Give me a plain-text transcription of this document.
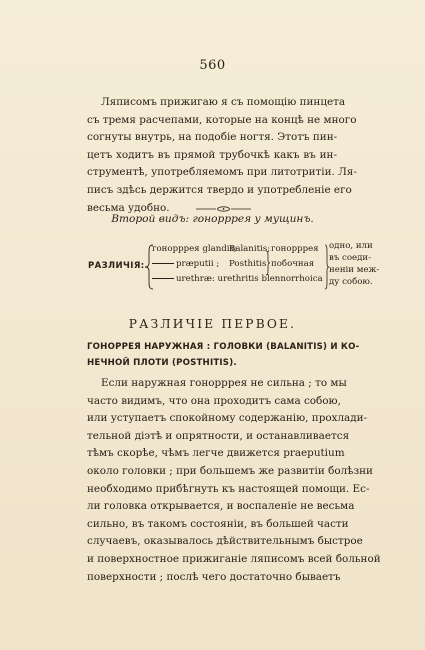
560
Ляписомъ прижигаю я съ помощію пинцета
съ тремя расчепами, которые на концѣ не много
согнуты внутрь, на подобіе ногтя. Этотъ пин-
цетъ ходитъ въ прямой трубочкѣ какъ въ ин-
струментѣ, употребляемомъ при литотритіи. Ля-
писъ здѣсь держится твердо и употребленіе его
весьма удобно.
Второй видъ: гонорррея у мущинъ.
РАЗЛИЧІЯ:
гонорррея glandis;
præputii ;
urethræ: urethritis blennorrhoica
Balanitis;
Posthitis
гонорррея
побочная
одно, или
въ соеди-
неніи меж-
ду собою.
РАЗЛИЧІЕ ПЕРВОЕ.
ГОНОРРЕЯ НАРУЖНАЯ : ГОЛОВКИ (BALANITIS) И КО-
НЕЧНОЙ ПЛОТИ (POSTHITIS).
Если наружная гонорррея не сильна ; то мы
часто видимъ, что она проходитъ сама собою,
или уступаетъ спокойному содержанію, прохлади-
тельной діэтѣ и опрятности, и останавливается
тѣмъ скорѣе, чѣмъ легче движется praeputium
около головки ; при большемъ же развитіи болѣзни
необходимо прибѣгнуть къ настоящей помощи. Ес-
ли головка открывается, и воспаленіе не весьма
сильно, въ такомъ состояніи, въ большей части
случаевъ, оказывалось дѣйствительнымъ быстрое
и поверхностное прижиганіе ляписомъ всей больной
поверхности ; послѣ чего достаточно бываетъ
